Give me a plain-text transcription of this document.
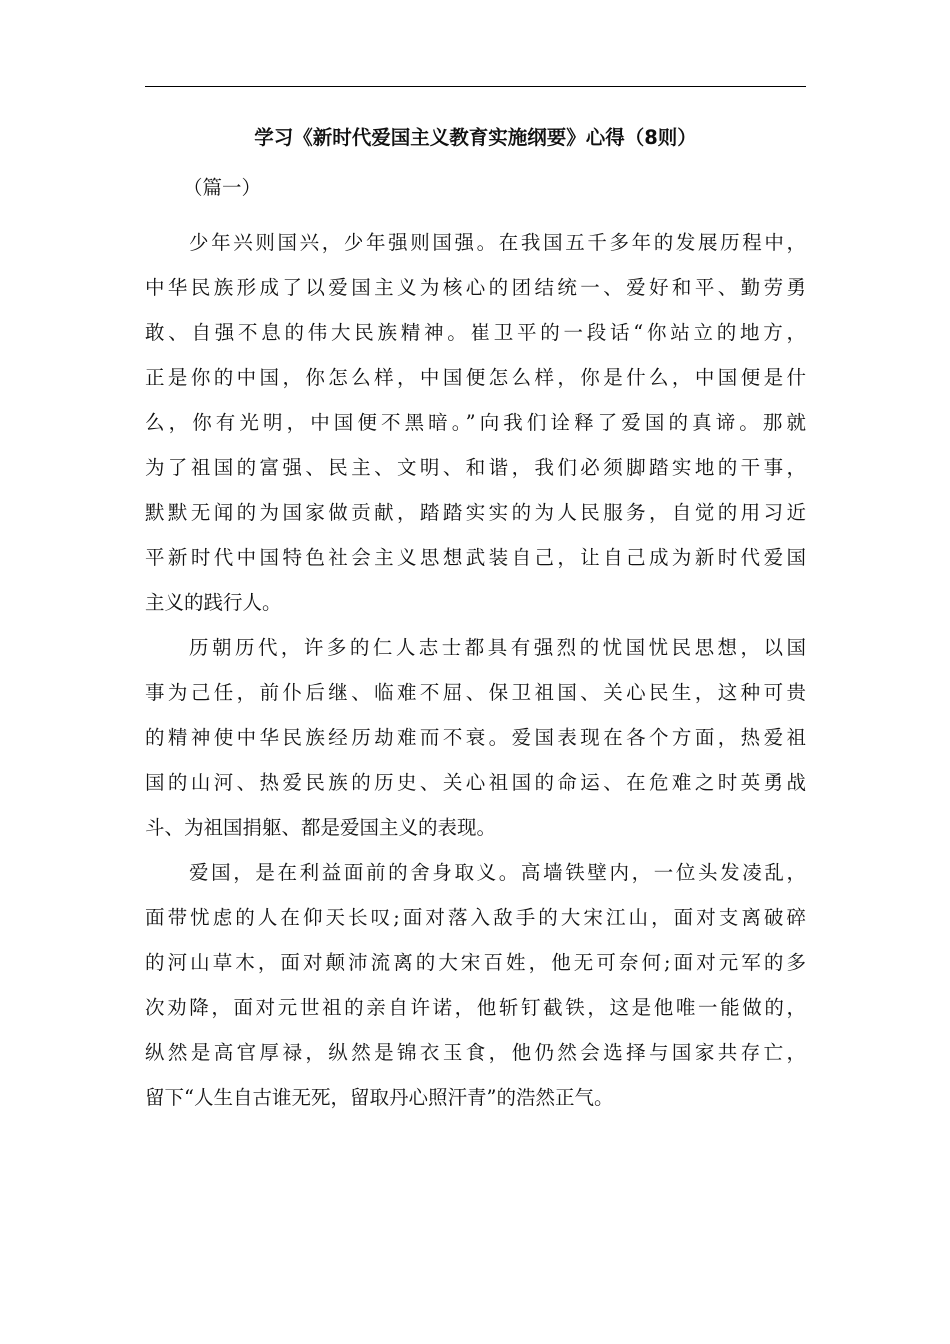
学习《新时代爱国主义教育实施纲要》心得（8则）
（篇一）
少年兴则国兴，少年强则国强。在我国五千多年的发展历程中，
中华民族形成了以爱国主义为核心的团结统一、爱好和平、勤劳勇
敢、自强不息的伟大民族精神。崔卫平的一段话“你站立的地方，
正是你的中国，你怎么样，中国便怎么样，你是什么，中国便是什
么，你有光明，中国便不黑暗。”向我们诠释了爱国的真谛。那就
为了祖国的富强、民主、文明、和谐，我们必须脚踏实地的干事，
默默无闻的为国家做贡献，踏踏实实的为人民服务，自觉的用习近
平新时代中国特色社会主义思想武装自己，让自己成为新时代爱国
主义的践行人。
历朝历代，许多的仁人志士都具有强烈的忧国忧民思想，以国
事为己任，前仆后继、临难不屈、保卫祖国、关心民生，这种可贵
的精神使中华民族经历劫难而不衰。爱国表现在各个方面，热爱祖
国的山河、热爱民族的历史、关心祖国的命运、在危难之时英勇战
斗、为祖国捐躯、都是爱国主义的表现。
爱国，是在利益面前的舍身取义。高墙铁壁内，一位头发凌乱，
面带忧虑的人在仰天长叹;面对落入敌手的大宋江山，面对支离破碎
的河山草木，面对颠沛流离的大宋百姓，他无可奈何;面对元军的多
次劝降，面对元世祖的亲自许诺，他斩钉截铁，这是他唯一能做的，
纵然是高官厚禄，纵然是锦衣玉食，他仍然会选择与国家共存亡，
留下“人生自古谁无死，留取丹心照汗青”的浩然正气。
